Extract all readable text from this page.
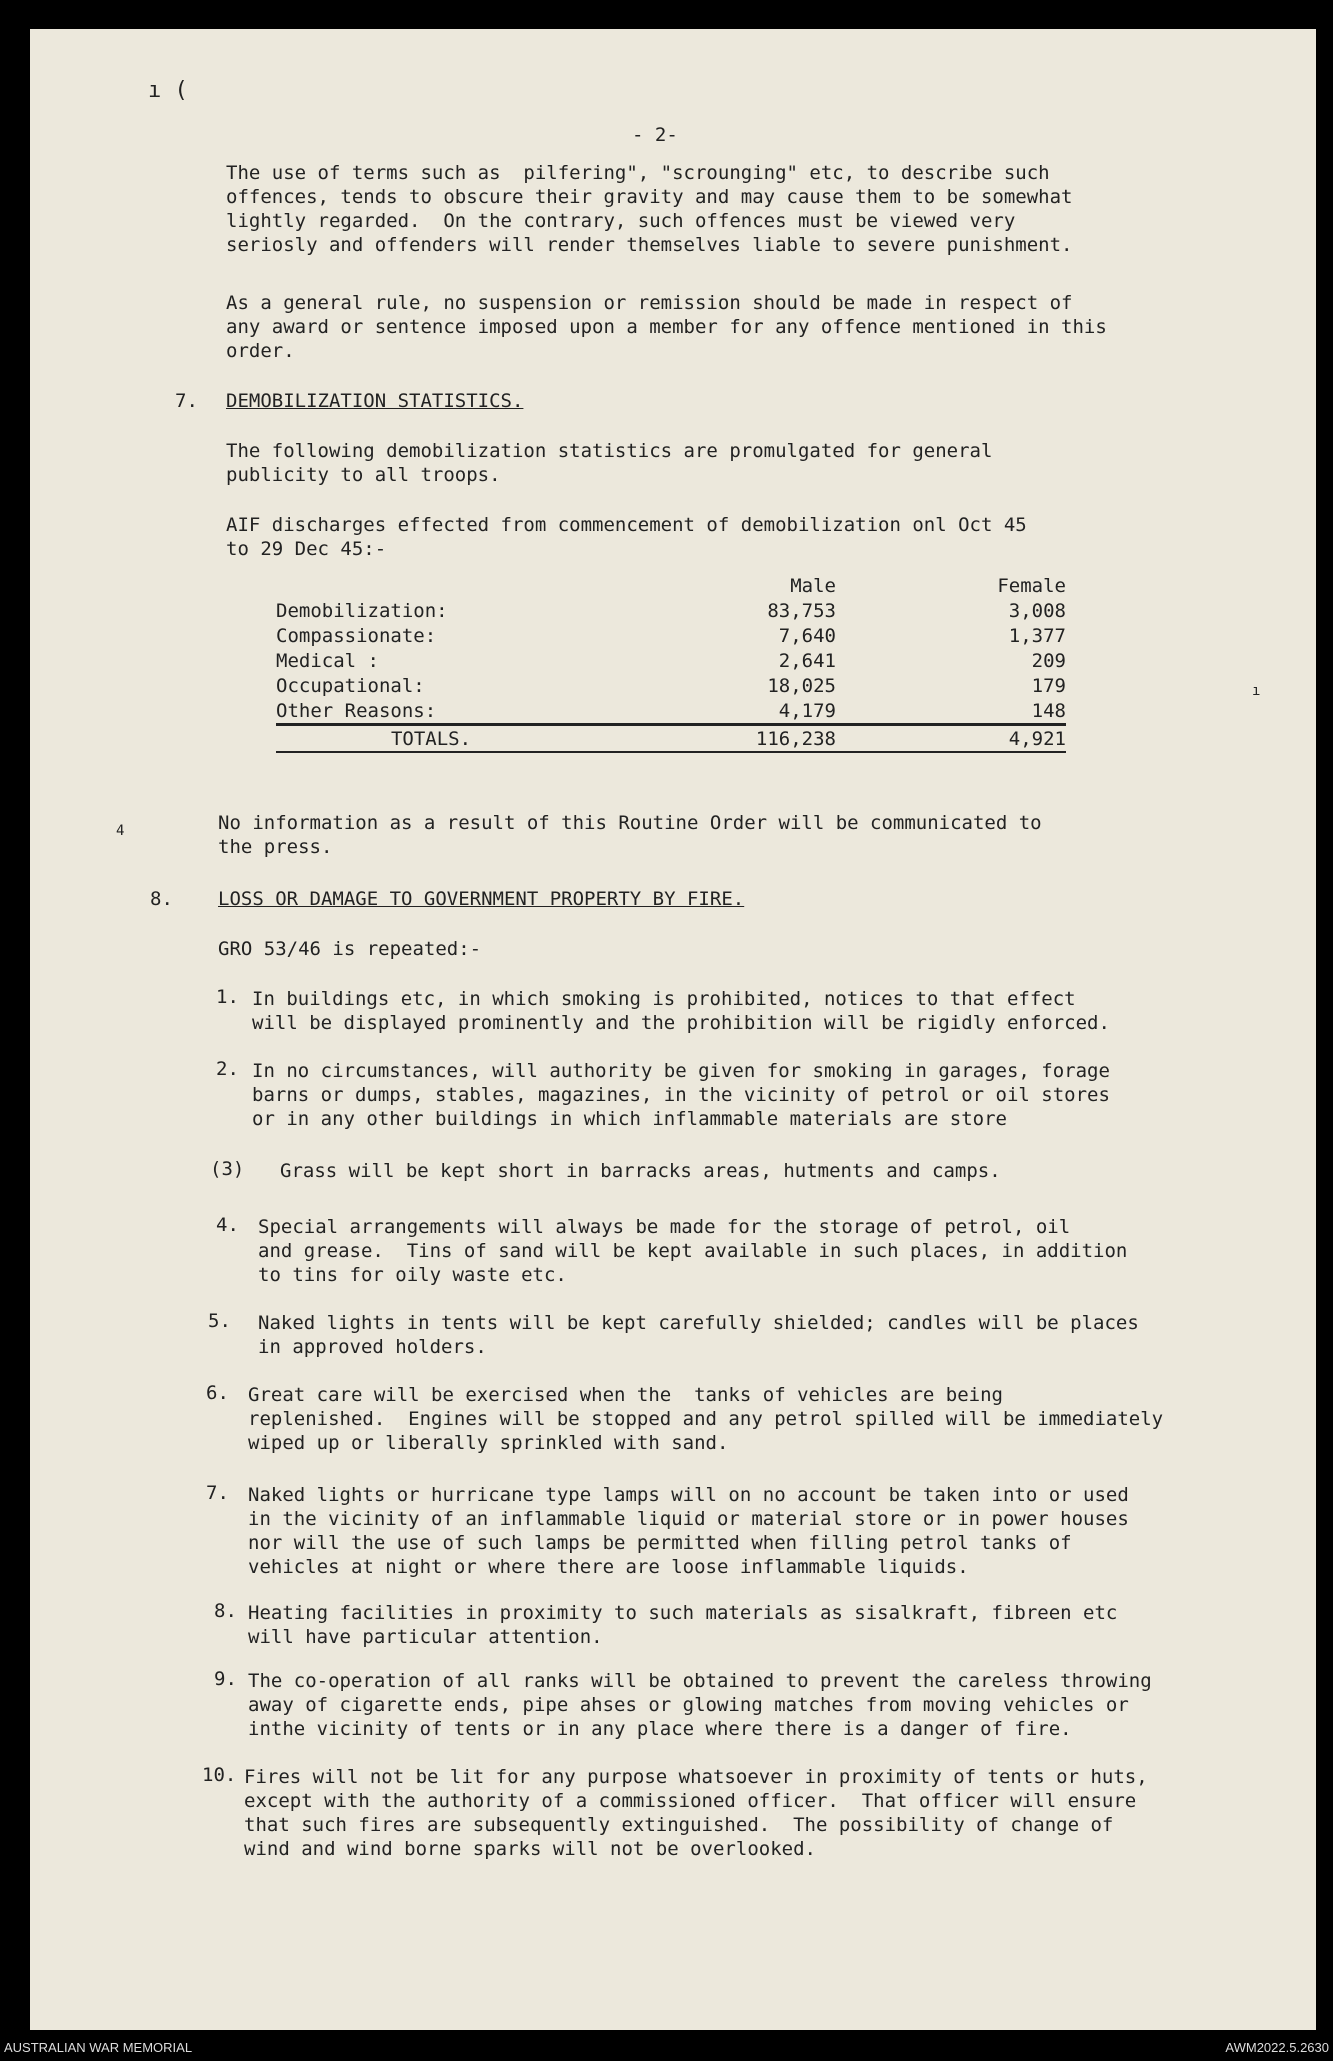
ı (
- 2-
The use of terms such as  pilfering", "scrounging" etc, to describe such
offences, tends to obscure their gravity and may cause them to be somewhat
lightly regarded.  On the contrary, such offences must be viewed very
seriosly and offenders will render themselves liable to severe punishment.
As a general rule, no suspension or remission should be made in respect of
any award or sentence imposed upon a member for any offence mentioned in this
order.
7. DEMOBILIZATION STATISTICS.
The following demobilization statistics are promulgated for general
publicity to all troops.
AIF discharges effected from commencement of demobilization onl Oct 45
to 29 Dec 45:-
	Male	Female
Demobilization:	83,753	3,008
Compassionate:	7,640	1,377
Medical :	2,641	209
Occupational:	18,025	179
Other Reasons:	4,179	148
TOTALS.	116,238	4,921
4
ı
No information as a result of this Routine Order will be communicated to
the press.
8. LOSS OR DAMAGE TO GOVERNMENT PROPERTY BY FIRE.
GRO 53/46 is repeated:-
1. In buildings etc, in which smoking is prohibited, notices to that effect
will be displayed prominently and the prohibition will be rigidly enforced.
2. In no circumstances, will authority be given for smoking in garages, forage
barns or dumps, stables, magazines, in the vicinity of petrol or oil stores
or in any other buildings in which inflammable materials are store
(3) Grass will be kept short in barracks areas, hutments and camps.
4. Special arrangements will always be made for the storage of petrol, oil
and grease.  Tins of sand will be kept available in such places, in addition
to tins for oily waste etc.
5. Naked lights in tents will be kept carefully shielded; candles will be places
in approved holders.
6. Great care will be exercised when the  tanks of vehicles are being
replenished.  Engines will be stopped and any petrol spilled will be immediately
wiped up or liberally sprinkled with sand.
7. Naked lights or hurricane type lamps will on no account be taken into or used
in the vicinity of an inflammable liquid or material store or in power houses
nor will the use of such lamps be permitted when filling petrol tanks of
vehicles at night or where there are loose inflammable liquids.
8. Heating facilities in proximity to such materials as sisalkraft, fibreen etc
will have particular attention.
9. The co-operation of all ranks will be obtained to prevent the careless throwing
away of cigarette ends, pipe ahses or glowing matches from moving vehicles or
inthe vicinity of tents or in any place where there is a danger of fire.
10. Fires will not be lit for any purpose whatsoever in proximity of tents or huts,
except with the authority of a commissioned officer.  That officer will ensure
that such fires are subsequently extinguished.  The possibility of change of
wind and wind borne sparks will not be overlooked.
AUSTRALIAN WAR MEMORIAL	AWM2022.5.2630
